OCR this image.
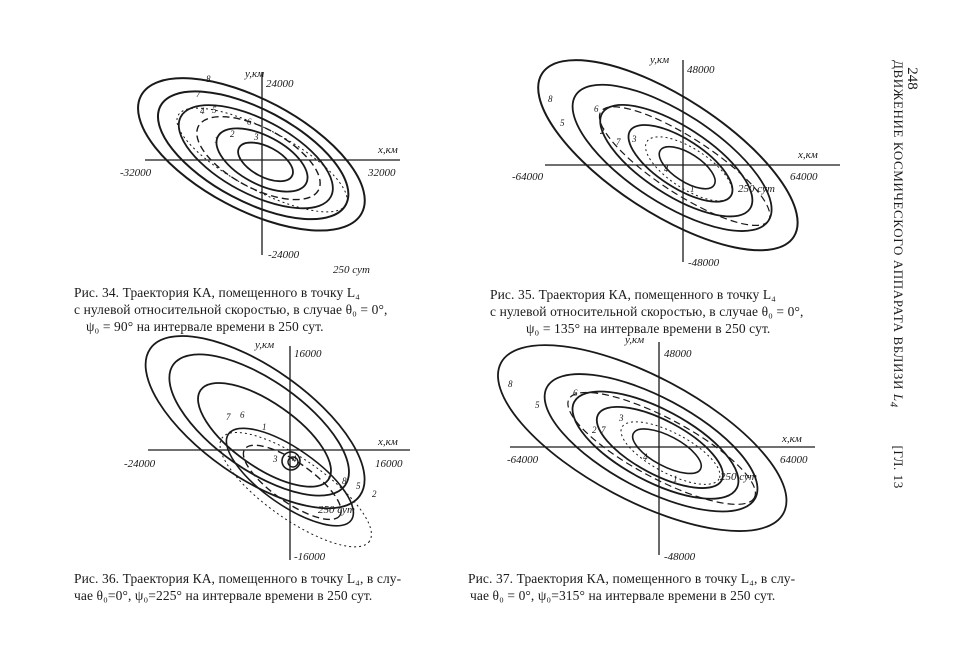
248
ДВИЖЕНИЕ КОСМИЧЕСКОГО АППАРАТА ВБЛИЗИ $L_4$  [ГЛ. 13
y,км
24000
x,км
-32000	32000
-24000
250 сут
1
2 3
4 5
6
7
8

Рис. 34. Траектория КА, помещенного в точку L₄

с нулевой относительной скоростью, в случае θ₀ = 0°,

ψ₀ = 90° на интервале времени в 250 сут.

y,км
48000
x,км
-64000	64000
-48000
250 сут
1
2
3
4
5
6
7
8

Рис. 35. Траектория КА, помещенного в точку L₄

с нулевой относительной скоростью, в случае θ₀ = 0°,

ψ₀ = 135° на интервале времени в 250 сут.

y,км
16000
x,км
-24000	16000
-16000
250 сут
1
2
3 4
5
6
7
8

Рис. 36. Траектория КА, помещенного в точку L₄, в слу-

чае θ₀=0°, ψ₀=225° на интервале времени в 250 сут.

y,км
48000
x,км
-64000	64000
-48000
250 сут
1
2
3
4
5
6
7
8

Рис. 37. Траектория КА, помещенного в точку L₄, в слу-

чае θ₀ = 0°, ψ₀=315° на интервале времени в 250 сут.
